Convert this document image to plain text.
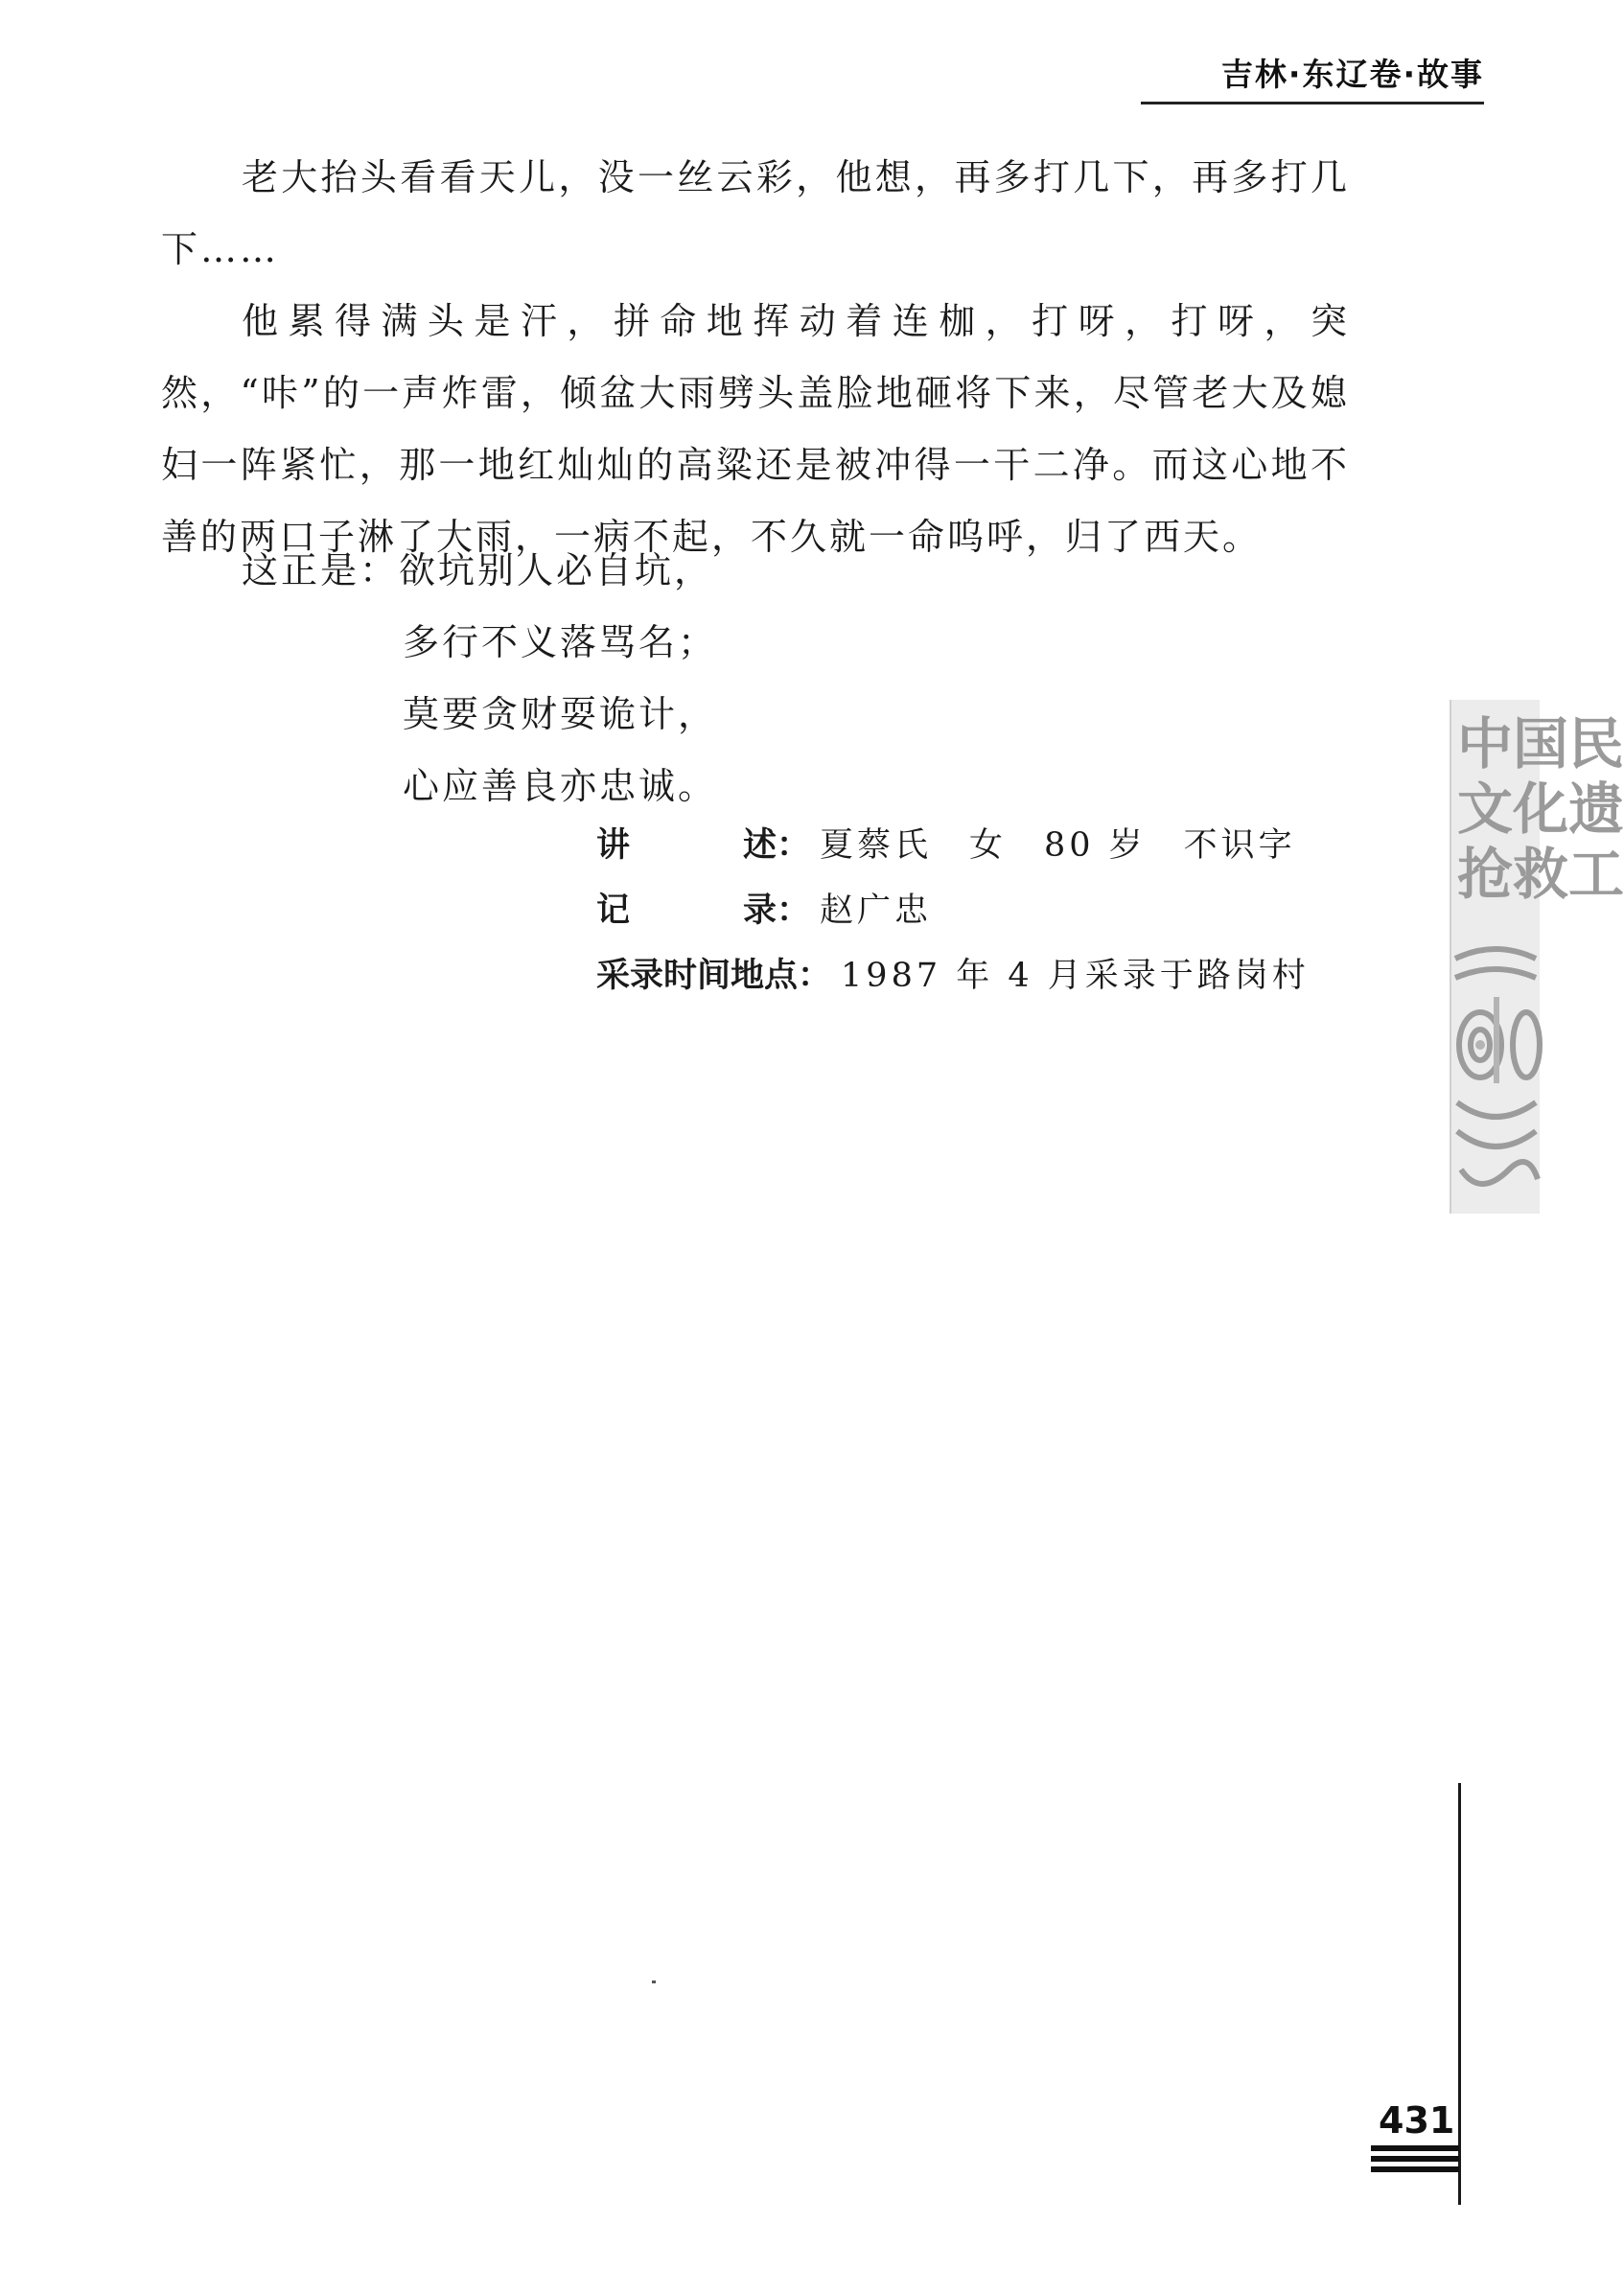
吉林·东辽卷·故事

老大抬头看看天儿，没一丝云彩，他想，再多打几下，再多打几下……

他累得满头是汗，拼命地挥动着连枷，打呀，打呀，突然，“咔”的一声炸雷，倾盆大雨劈头盖脸地砸将下来，尽管老大及媳妇一阵紧忙，那一地红灿灿的高粱还是被冲得一干二净。而这心地不善的两口子淋了大雨，一病不起，不久就一命呜呼，归了西天。

这正是：欲坑别人必自坑，
多行不义落骂名；
莫要贪财耍诡计，
心应善良亦忠诚。
讲述 ： 夏蔡氏　女　80 岁　不识字
记录 ： 赵广忠
采录时间地点 ： 1987 年 4 月采录于路岗村
中国民
文化遗
抢救工
431
